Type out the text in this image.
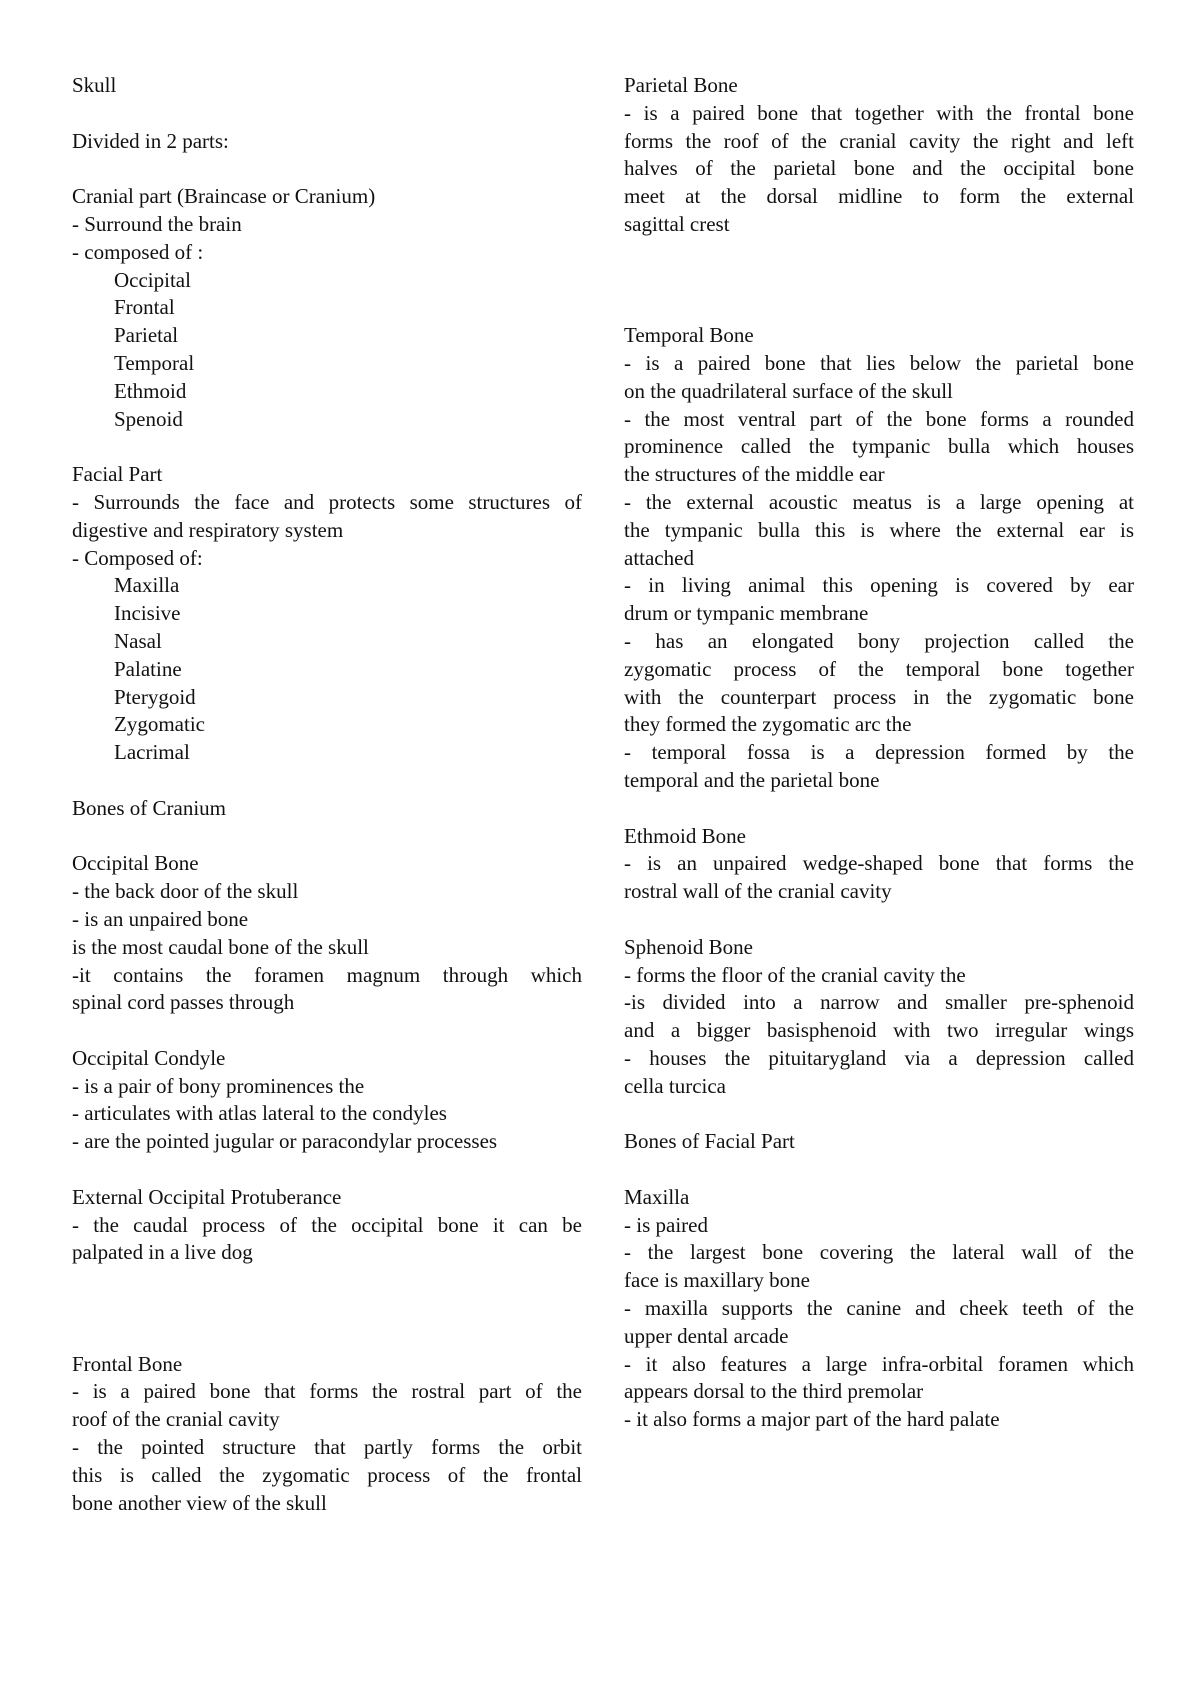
Skull
Divided in 2 parts:
Cranial part (Braincase or Cranium)
- Surround the brain
- composed of :
Occipital
Frontal
Parietal
Temporal
Ethmoid
Spenoid
Facial Part
- Surrounds the face and protects some structures of
digestive and respiratory system
- Composed of:
Maxilla
Incisive
Nasal
Palatine
Pterygoid
Zygomatic
Lacrimal
Bones of Cranium
Occipital Bone
- the back door of the skull
- is an unpaired bone
is the most caudal bone of the skull
-it contains the foramen magnum through which
spinal cord passes through
Occipital Condyle
- is a pair of bony prominences the
- articulates with atlas lateral to the condyles
- are the pointed jugular or paracondylar processes
External Occipital Protuberance
- the caudal process of the occipital bone it can be
palpated in a live dog
Frontal Bone
- is a paired bone that forms the rostral part of the
roof of the cranial cavity
- the pointed structure that partly forms the orbit
this is called the zygomatic process of the frontal
bone another view of the skull
Parietal Bone
- is a paired bone that together with the frontal bone
forms the roof of the cranial cavity the right and left
halves of the parietal bone and the occipital bone
meet at the dorsal midline to form the external
sagittal crest
Temporal Bone
- is a paired bone that lies below the parietal bone
on the quadrilateral surface of the skull
- the most ventral part of the bone forms a rounded
prominence called the tympanic bulla which houses
the structures of the middle ear
- the external acoustic meatus is a large opening at
the tympanic bulla this is where the external ear is
attached
- in living animal this opening is covered by ear
drum or tympanic membrane
- has an elongated bony projection called the
zygomatic process of the temporal bone together
with the counterpart process in the zygomatic bone
they formed the zygomatic arc the
- temporal fossa is a depression formed by the
temporal and the parietal bone
Ethmoid Bone
- is an unpaired wedge-shaped bone that forms the
rostral wall of the cranial cavity
Sphenoid Bone
- forms the floor of the cranial cavity the
-is divided into a narrow and smaller pre-sphenoid
and a bigger basisphenoid with two irregular wings
- houses the pituitarygland via a depression called
cella turcica
Bones of Facial Part
Maxilla
- is paired
- the largest bone covering the lateral wall of the
face is maxillary bone
- maxilla supports the canine and cheek teeth of the
upper dental arcade
- it also features a large infra-orbital foramen which
appears dorsal to the third premolar
- it also forms a major part of the hard palate
